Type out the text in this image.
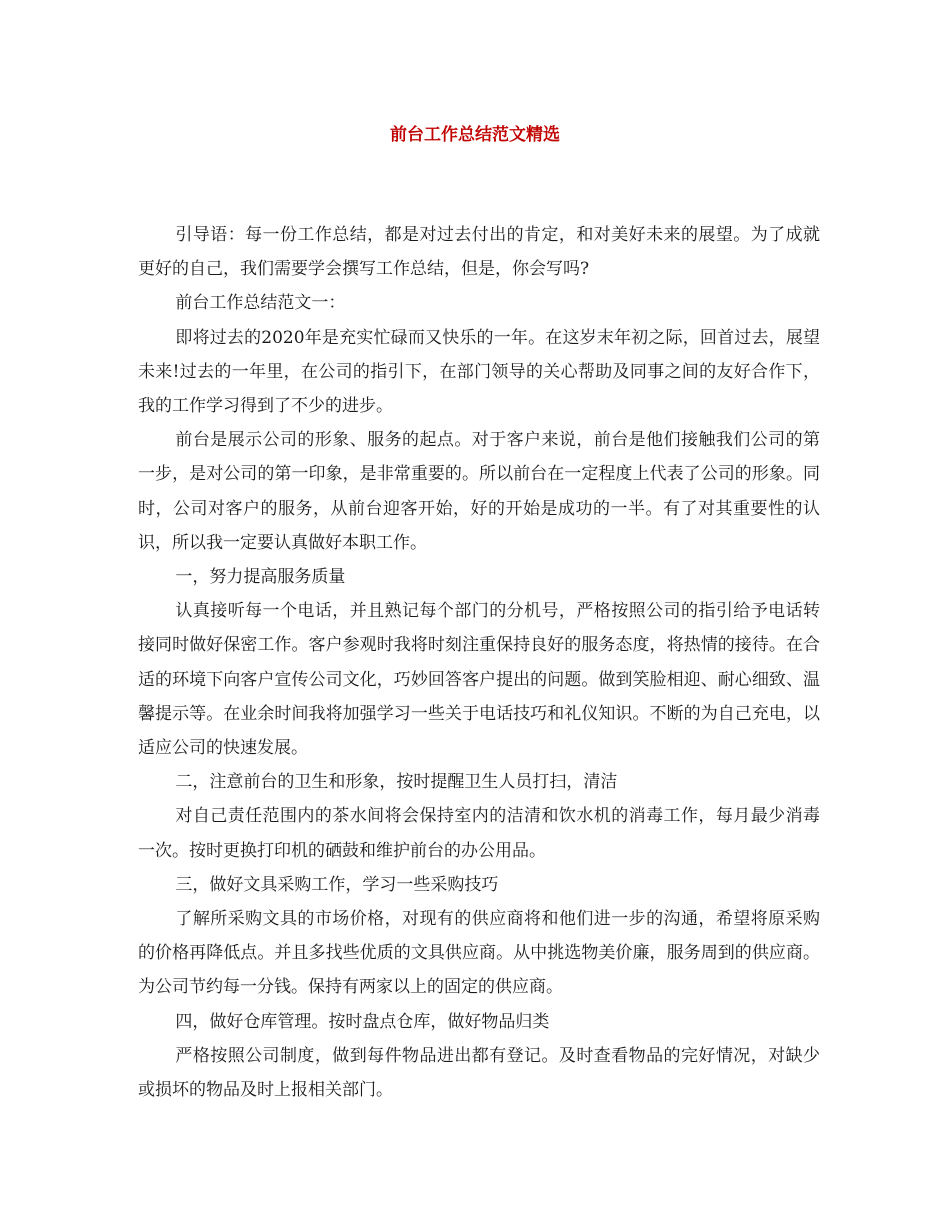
前台工作总结范文精选

引导语：每一份工作总结，都是对过去付出的肯定，和对美好未来的展望。为了成就更好的自己，我们需要学会撰写工作总结，但是，你会写吗?

前台工作总结范文一：

即将过去的2020年是充实忙碌而又快乐的一年。在这岁末年初之际，回首过去，展望未来!过去的一年里，在公司的指引下，在部门领导的关心帮助及同事之间的友好合作下，我的工作学习得到了不少的进步。

前台是展示公司的形象、服务的起点。对于客户来说，前台是他们接触我们公司的第一步，是对公司的第一印象，是非常重要的。所以前台在一定程度上代表了公司的形象。同时，公司对客户的服务，从前台迎客开始，好的开始是成功的一半。有了对其重要性的认识，所以我一定要认真做好本职工作。

一，努力提高服务质量

认真接听每一个电话，并且熟记每个部门的分机号，严格按照公司的指引给予电话转接同时做好保密工作。客户参观时我将时刻注重保持良好的服务态度，将热情的接待。在合适的环境下向客户宣传公司文化，巧妙回答客户提出的问题。做到笑脸相迎、耐心细致、温馨提示等。在业余时间我将加强学习一些关于电话技巧和礼仪知识。不断的为自己充电，以适应公司的快速发展。

二，注意前台的卫生和形象，按时提醒卫生人员打扫，清洁

对自己责任范围内的茶水间将会保持室内的洁清和饮水机的消毒工作，每月最少消毒一次。按时更换打印机的硒鼓和维护前台的办公用品。

三，做好文具采购工作，学习一些采购技巧

了解所采购文具的市场价格，对现有的供应商将和他们进一步的沟通，希望将原采购的价格再降低点。并且多找些优质的文具供应商。从中挑选物美价廉，服务周到的供应商。为公司节约每一分钱。保持有两家以上的固定的供应商。

四，做好仓库管理。按时盘点仓库，做好物品归类

严格按照公司制度，做到每件物品进出都有登记。及时查看物品的完好情况，对缺少或损坏的物品及时上报相关部门。
